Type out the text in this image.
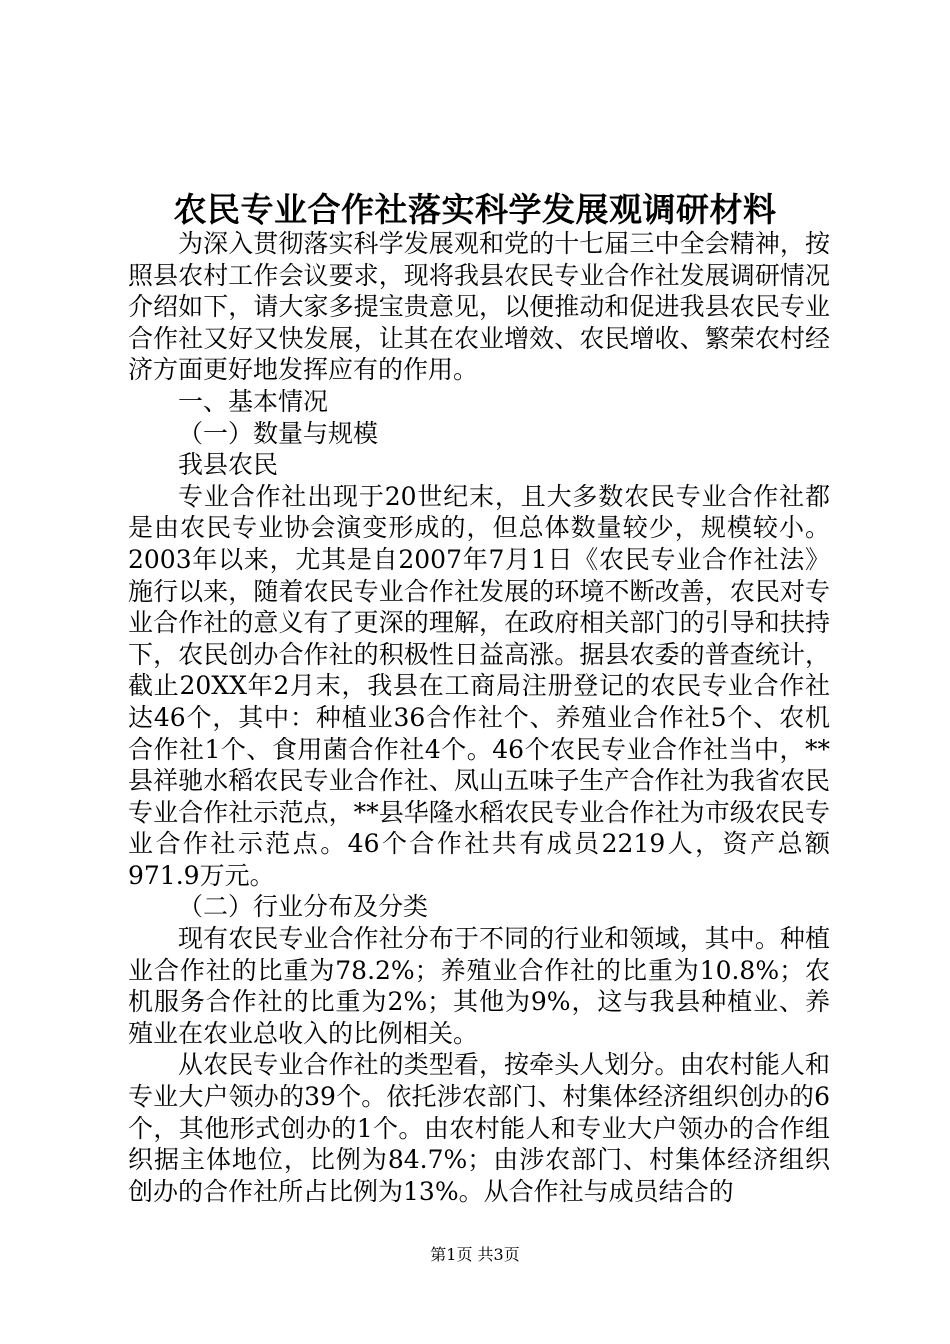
农民专业合作社落实科学发展观调研材料

为深入贯彻落实科学发展观和党的十七届三中全会精神，按照县农村工作会议要求，现将我县农民专业合作社发展调研情况介绍如下，请大家多提宝贵意见，以便推动和促进我县农民专业合作社又好又快发展，让其在农业增效、农民增收、繁荣农村经济方面更好地发挥应有的作用。

一、基本情况

（一）数量与规模

我县农民

专业合作社出现于20世纪末，且大多数农民专业合作社都是由农民专业协会演变形成的，但总体数量较少，规模较小。2003年以来，尤其是自2007年7月1日《农民专业合作社法》施行以来，随着农民专业合作社发展的环境不断改善，农民对专业合作社的意义有了更深的理解，在政府相关部门的引导和扶持下，农民创办合作社的积极性日益高涨。据县农委的普查统计，截止20XX年2月末，我县在工商局注册登记的农民专业合作社达46个，其中：种植业36合作社个、养殖业合作社5个、农机合作社1个、食用菌合作社4个。46个农民专业合作社当中，**县祥驰水稻农民专业合作社、凤山五味子生产合作社为我省农民专业合作社示范点，**县华隆水稻农民专业合作社为市级农民专业合作社示范点。46个合作社共有成员2219人，资产总额971.9万元。

（二）行业分布及分类

现有农民专业合作社分布于不同的行业和领域，其中。种植业合作社的比重为78.2%；养殖业合作社的比重为10.8%；农机服务合作社的比重为2%；其他为9%，这与我县种植业、养殖业在农业总收入的比例相关。

从农民专业合作社的类型看，按牵头人划分。由农村能人和专业大户领办的39个。依托涉农部门、村集体经济组织创办的6个，其他形式创办的1个。由农村能人和专业大户领办的合作组织据主体地位，比例为84.7%；由涉农部门、村集体经济组织创办的合作社所占比例为13%。从合作社与成员结合的

第1页 共3页
